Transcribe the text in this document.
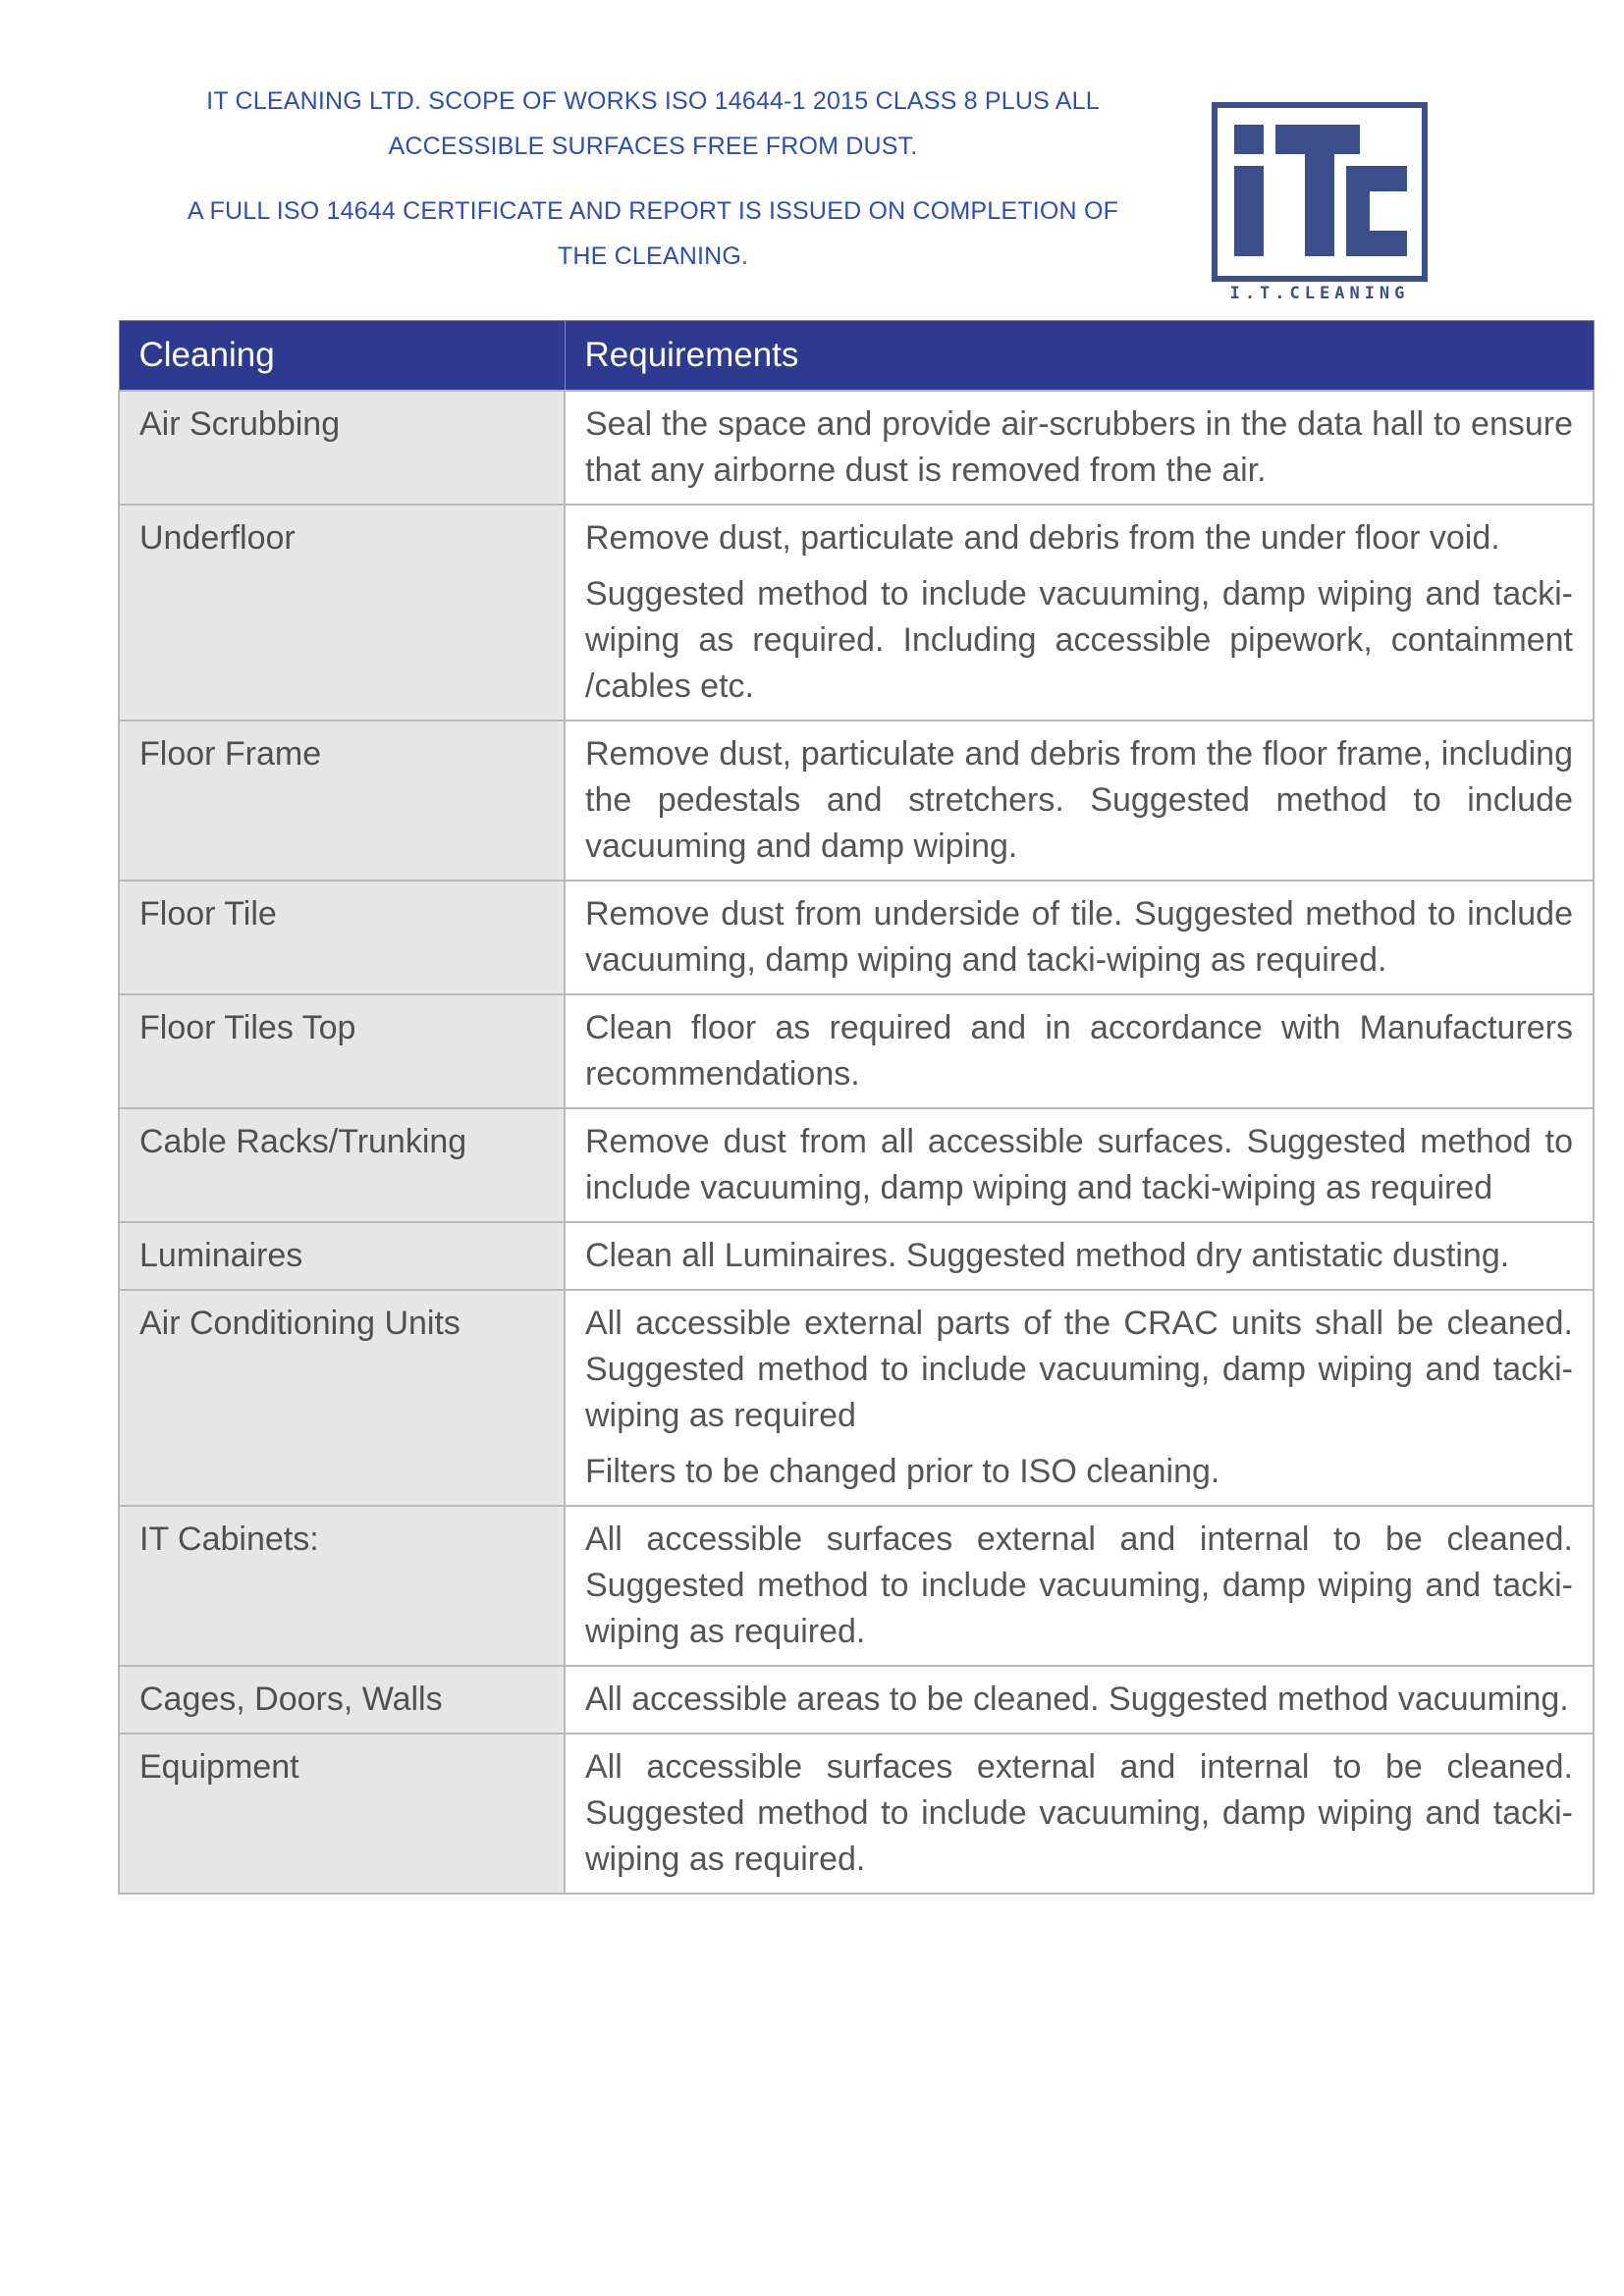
IT CLEANING LTD. SCOPE OF WORKS ISO 14644-1 2015 CLASS 8 PLUS ALL
ACCESSIBLE SURFACES FREE FROM DUST.
A FULL ISO 14644 CERTIFICATE AND REPORT IS ISSUED ON COMPLETION OF
THE CLEANING.
I.T.CLEANING
Cleaning	Requirements
Air Scrubbing	Seal the space and provide air-scrubbers in the data hall to ensure that any airborne dust is removed from the air.

Underfloor	Remove dust, particulate and debris from the under floor void.

Suggested method to include vacuuming, damp wiping and tacki-wiping as required. Including accessible pipework, containment /cables etc.

Floor Frame	Remove dust, particulate and debris from the floor frame, including the pedestals and stretchers. Suggested method to include vacuuming and damp wiping.

Floor Tile	Remove dust from underside of tile. Suggested method to include vacuuming, damp wiping and tacki-wiping as required.

Floor Tiles Top	Clean floor as required and in accordance with Manufacturers recommendations.

Cable Racks/Trunking	Remove dust from all accessible surfaces. Suggested method to include vacuuming, damp wiping and tacki-wiping as required

Luminaires	Clean all Luminaires. Suggested method dry antistatic dusting.

Air Conditioning Units	All accessible external parts of the CRAC units shall be cleaned. Suggested method to include vacuuming, damp wiping and tacki-wiping as required

Filters to be changed prior to ISO cleaning.

IT Cabinets:	All accessible surfaces external and internal to be cleaned. Suggested method to include vacuuming, damp wiping and tacki-wiping as required.

Cages, Doors, Walls	All accessible areas to be cleaned. Suggested method vacuuming.

Equipment	All accessible surfaces external and internal to be cleaned. Suggested method to include vacuuming, damp wiping and tacki-wiping as required.
